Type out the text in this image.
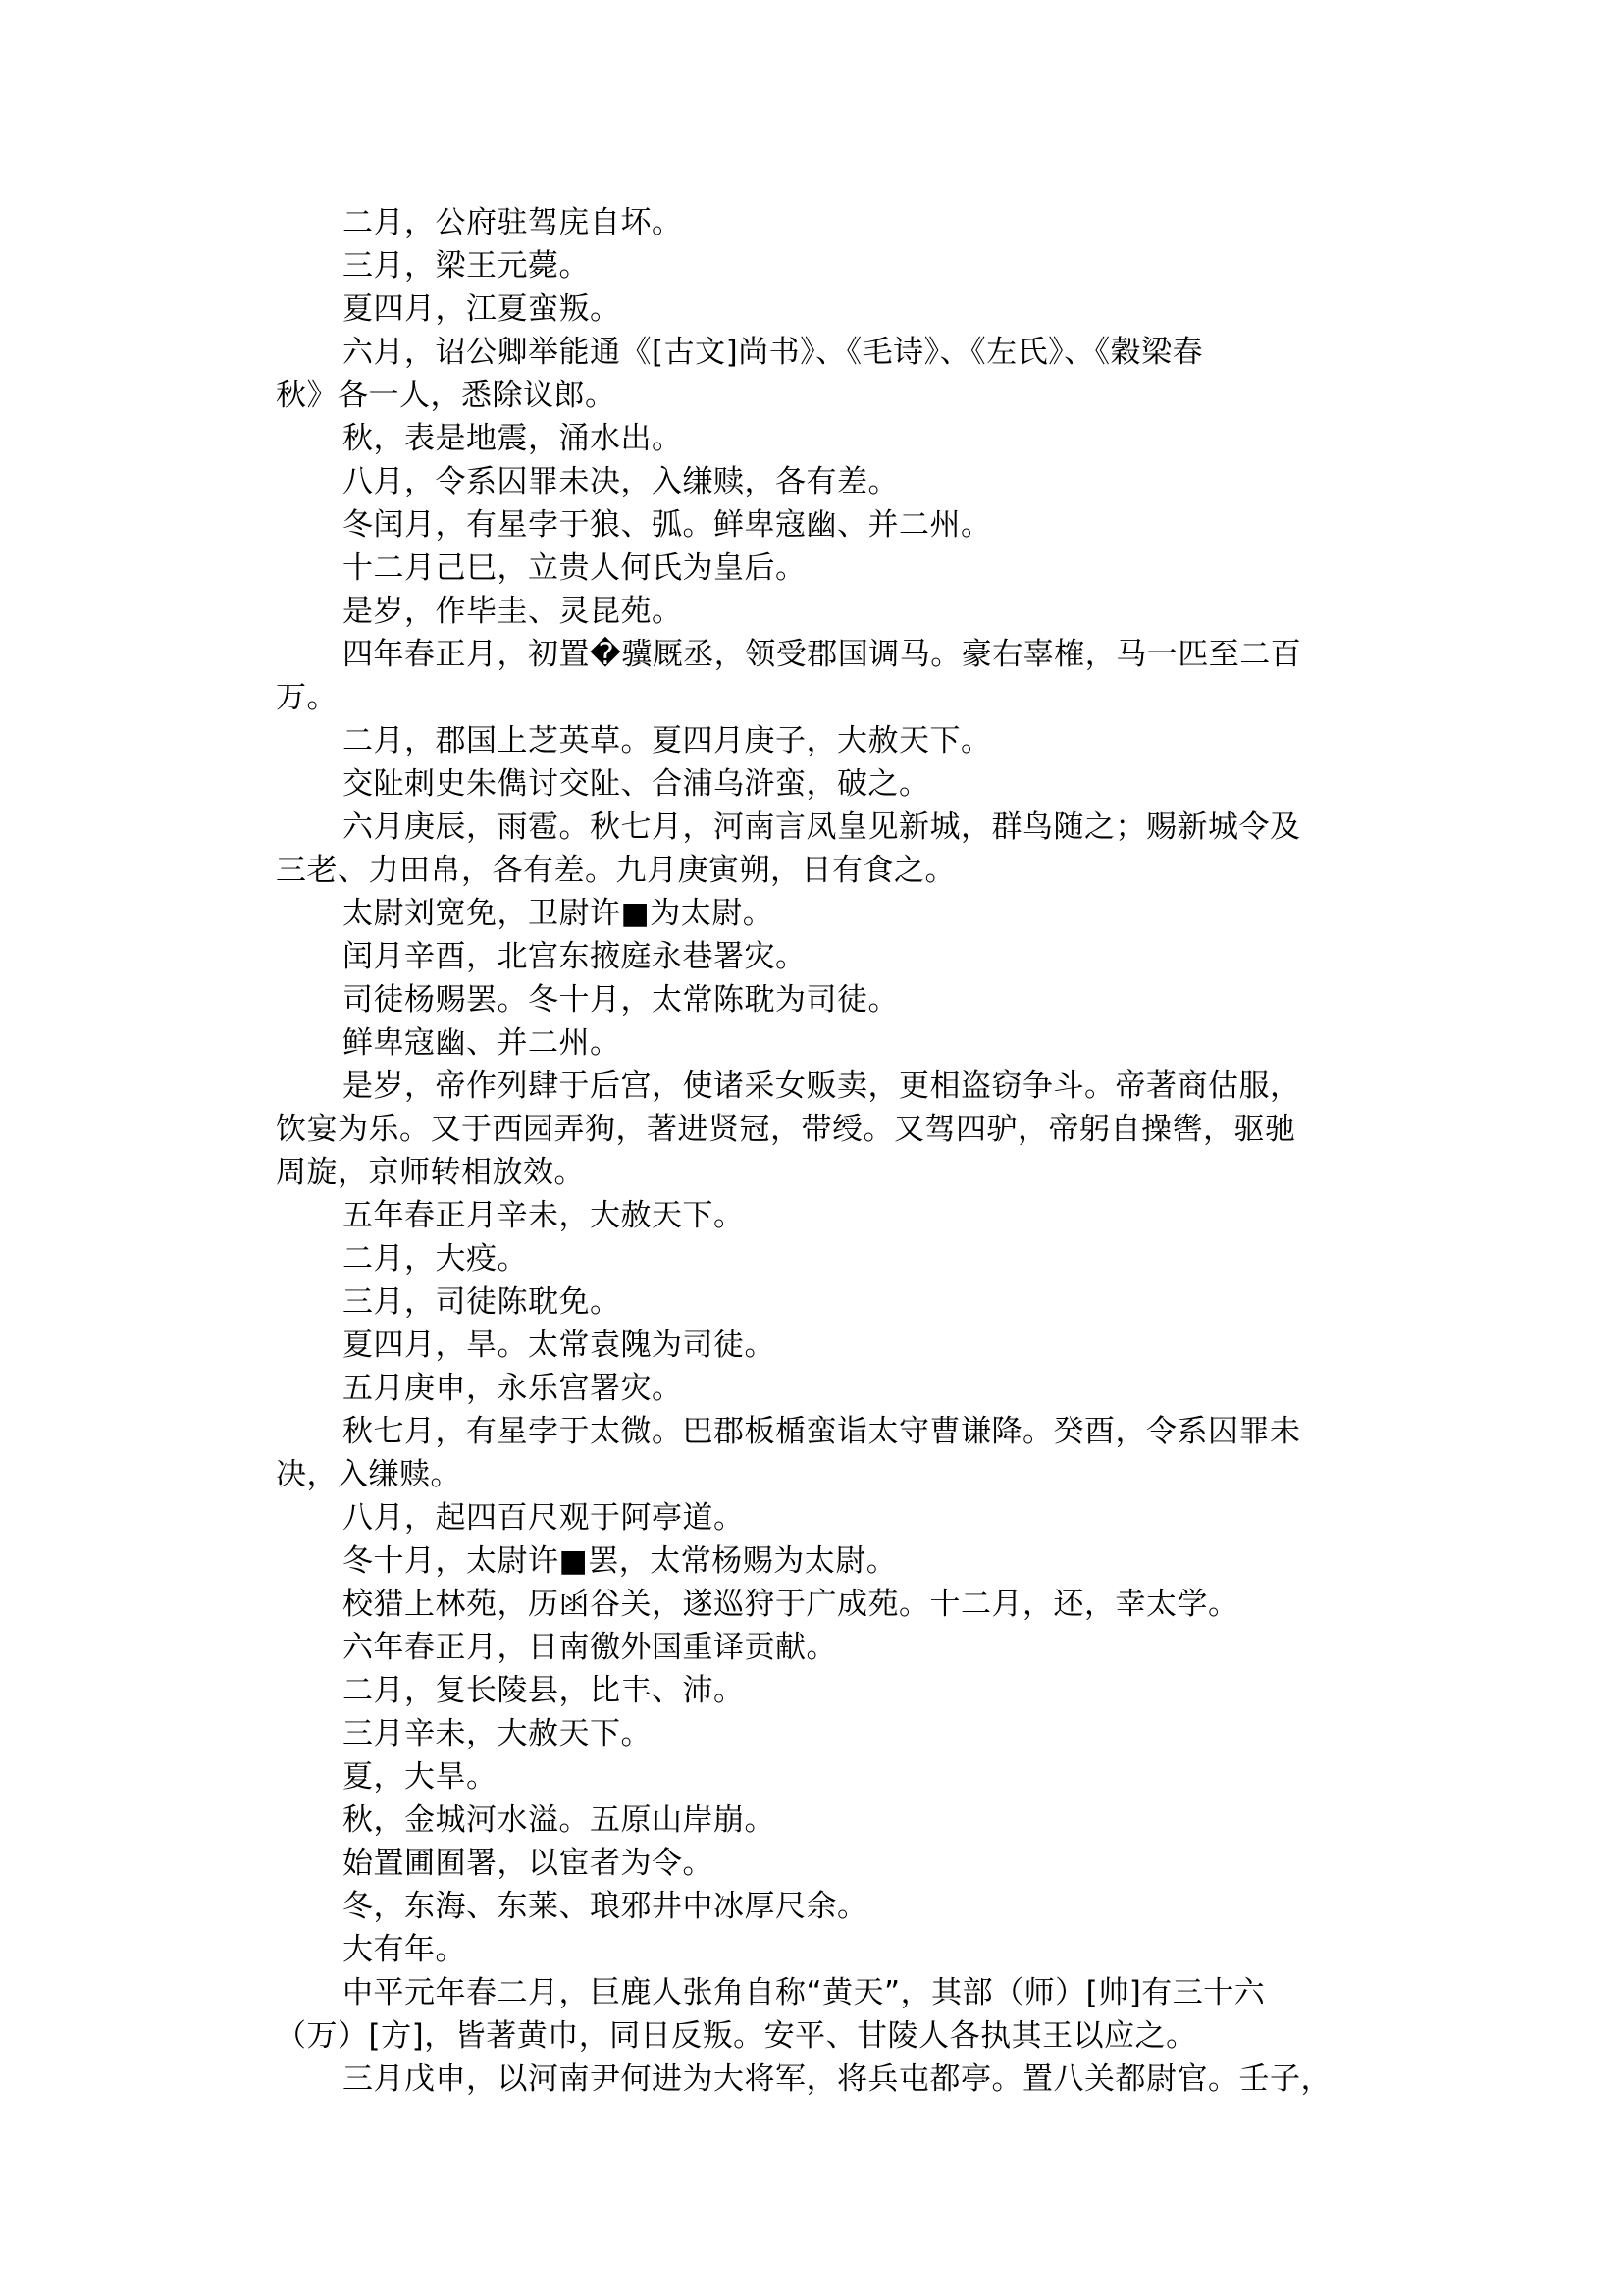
二月，公府驻驾庑自坏。
三月，梁王元薨。
夏四月，江夏蛮叛。
六月，诏公卿举能通《[古文]尚书》、《毛诗》、《左氏》、《穀梁春
秋》各一人，悉除议郎。
秋，表是地震，涌水出。
八月，令系囚罪未决，入缣赎，各有差。
冬闰月，有星孛于狼、弧。鲜卑寇幽、并二州。
十二月己巳，立贵人何氏为皇后。
是岁，作毕圭、灵昆苑。
四年春正月，初置�骥厩丞，领受郡国调马。豪右辜榷，马一匹至二百
万。
二月，郡国上芝英草。夏四月庚子，大赦天下。
交阯刺史朱儁讨交阯、合浦乌浒蛮，破之。
六月庚辰，雨雹。秋七月，河南言凤皇见新城，群鸟随之；赐新城令及
三老、力田帛，各有差。九月庚寅朔，日有食之。
太尉刘宽免，卫尉许■为太尉。
闰月辛酉，北宫东掖庭永巷署灾。
司徒杨赐罢。冬十月，太常陈耽为司徒。
鲜卑寇幽、并二州。
是岁，帝作列肆于后宫，使诸采女贩卖，更相盗窃争斗。帝著商估服，
饮宴为乐。又于西园弄狗，著进贤冠，带绶。又驾四驴，帝躬自操辔，驱驰
周旋，京师转相放效。
五年春正月辛未，大赦天下。
二月，大疫。
三月，司徒陈耽免。
夏四月，旱。太常袁隗为司徒。
五月庚申，永乐宫署灾。
秋七月，有星孛于太微。巴郡板楯蛮诣太守曹谦降。癸酉，令系囚罪未
决，入缣赎。
八月，起四百尺观于阿亭道。
冬十月，太尉许■罢，太常杨赐为太尉。
校猎上林苑，历函谷关，遂巡狩于广成苑。十二月，还，幸太学。
六年春正月，日南徼外国重译贡献。
二月，复长陵县，比丰、沛。
三月辛未，大赦天下。
夏，大旱。
秋，金城河水溢。五原山岸崩。
始置圃囿署，以宦者为令。
冬，东海、东莱、琅邪井中冰厚尺余。
大有年。
中平元年春二月，巨鹿人张角自称“黄天”，其部（师）[帅]有三十六
（万）[方]，皆著黄巾，同日反叛。安平、甘陵人各执其王以应之。
三月戊申，以河南尹何进为大将军，将兵屯都亭。置八关都尉官。壬子，
